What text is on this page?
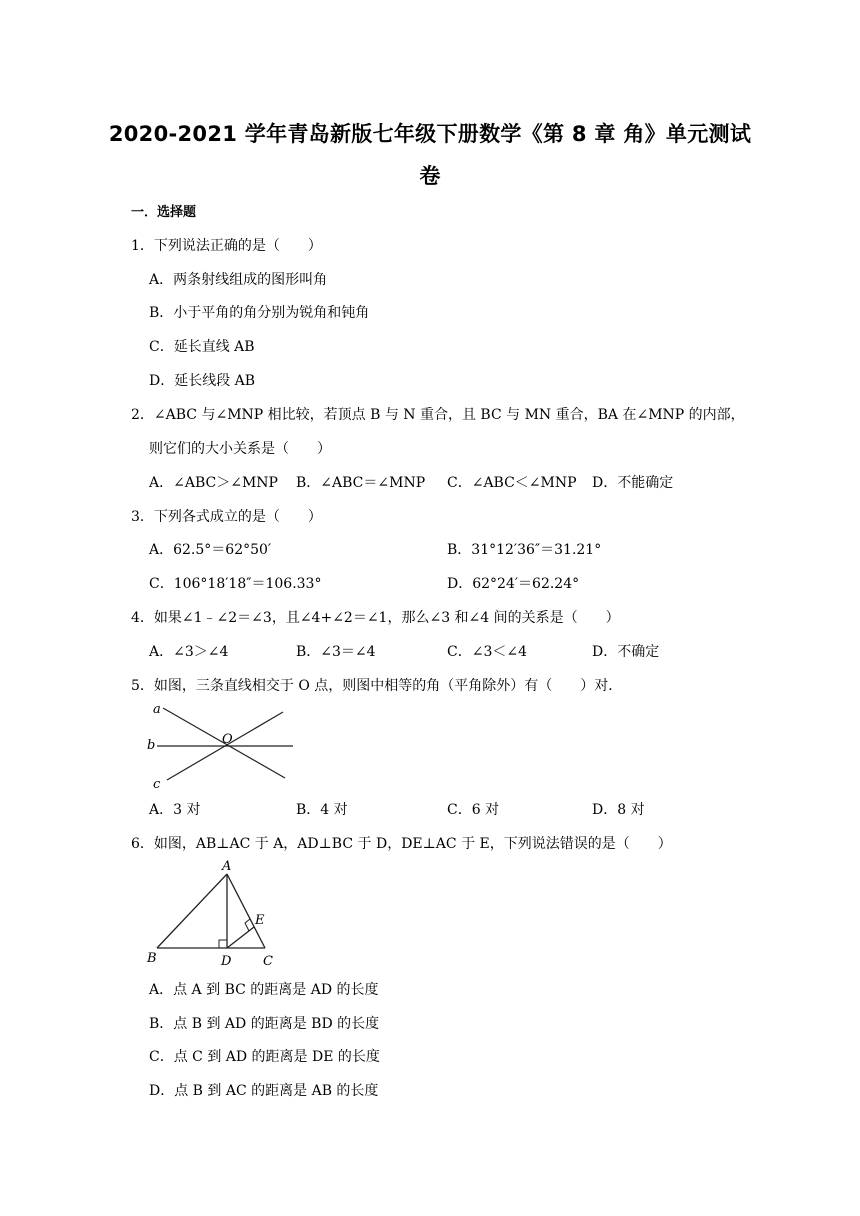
2020-2021 学年青岛新版七年级下册数学《第 8 章 角》单元测试
卷
一．选择题
1．下列说法正确的是（　　）
A．两条射线组成的图形叫角
B．小于平角的角分别为锐角和钝角
C．延长直线 AB
D．延长线段 AB
2．∠ABC 与∠MNP 相比较，若顶点 B 与 N 重合，且 BC 与 MN 重合，BA 在∠MNP 的内部，
则它们的大小关系是（　　）
A．∠ABC＞∠MNP B．∠ABC＝∠MNP C．∠ABC＜∠MNP D．不能确定
3．下列各式成立的是（　　）
A．62.5°＝62°50′	B．31°12′36″＝31.21°
C．106°18′18″＝106.33°	D．62°24′＝62.24°
4．如果∠1﹣∠2＝∠3，且∠4+∠2＝∠1，那么∠3 和∠4 间的关系是（　　）
A．∠3＞∠4	B．∠3＝∠4	C．∠3＜∠4	D．不确定
5．如图，三条直线相交于 O 点，则图中相等的角（平角除外）有（　　）对．
a
b
c
O
A．3 对	B．4 对	C．6 对	D．8 对
6．如图，AB⊥AC 于 A，AD⊥BC 于 D，DE⊥AC 于 E，下列说法错误的是（　　）
A
B	D C
E
A．点 A 到 BC 的距离是 AD 的长度
B．点 B 到 AD 的距离是 BD 的长度
C．点 C 到 AD 的距离是 DE 的长度
D．点 B 到 AC 的距离是 AB 的长度
